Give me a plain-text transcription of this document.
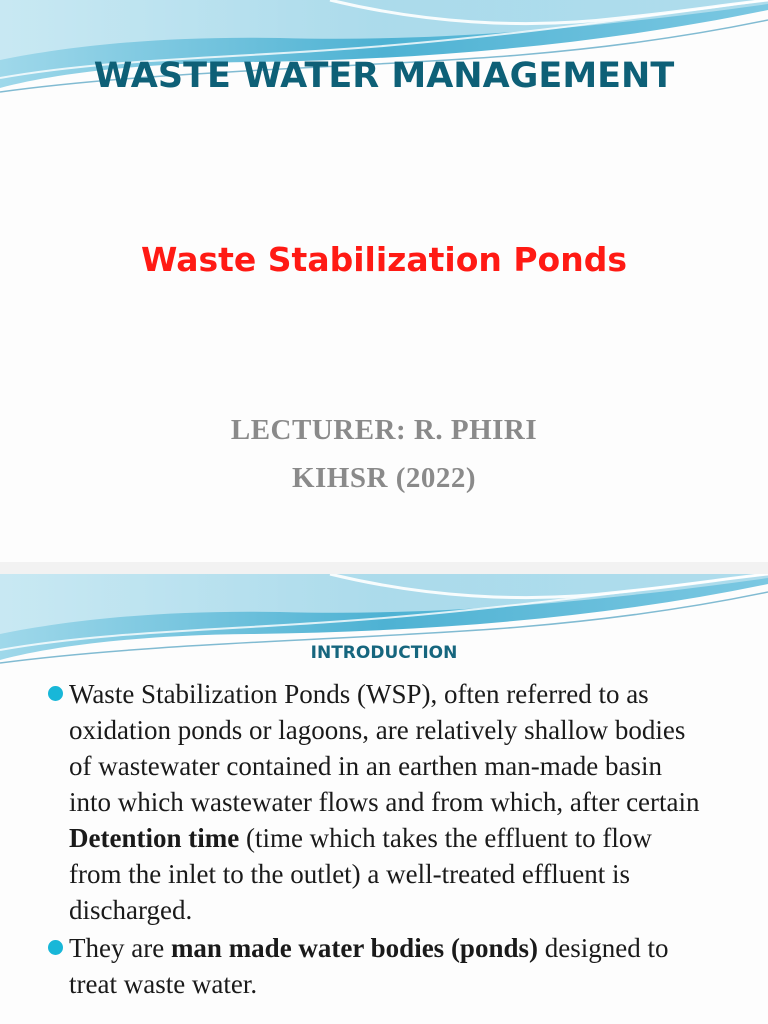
WASTE WATER MANAGEMENT
Waste Stabilization Ponds
LECTURER: R. PHIRI
KIHSR (2022)
INTRODUCTION
Waste Stabilization Ponds (WSP), often referred to as oxidation ponds or lagoons, are relatively shallow bodies of wastewater contained in an earthen man-made basin into which wastewater flows and from which, after certain Detention time (time which takes the effluent to flow from the inlet to the outlet) a well-treated effluent is discharged.
They are man made water bodies (ponds) designed to treat waste water.
